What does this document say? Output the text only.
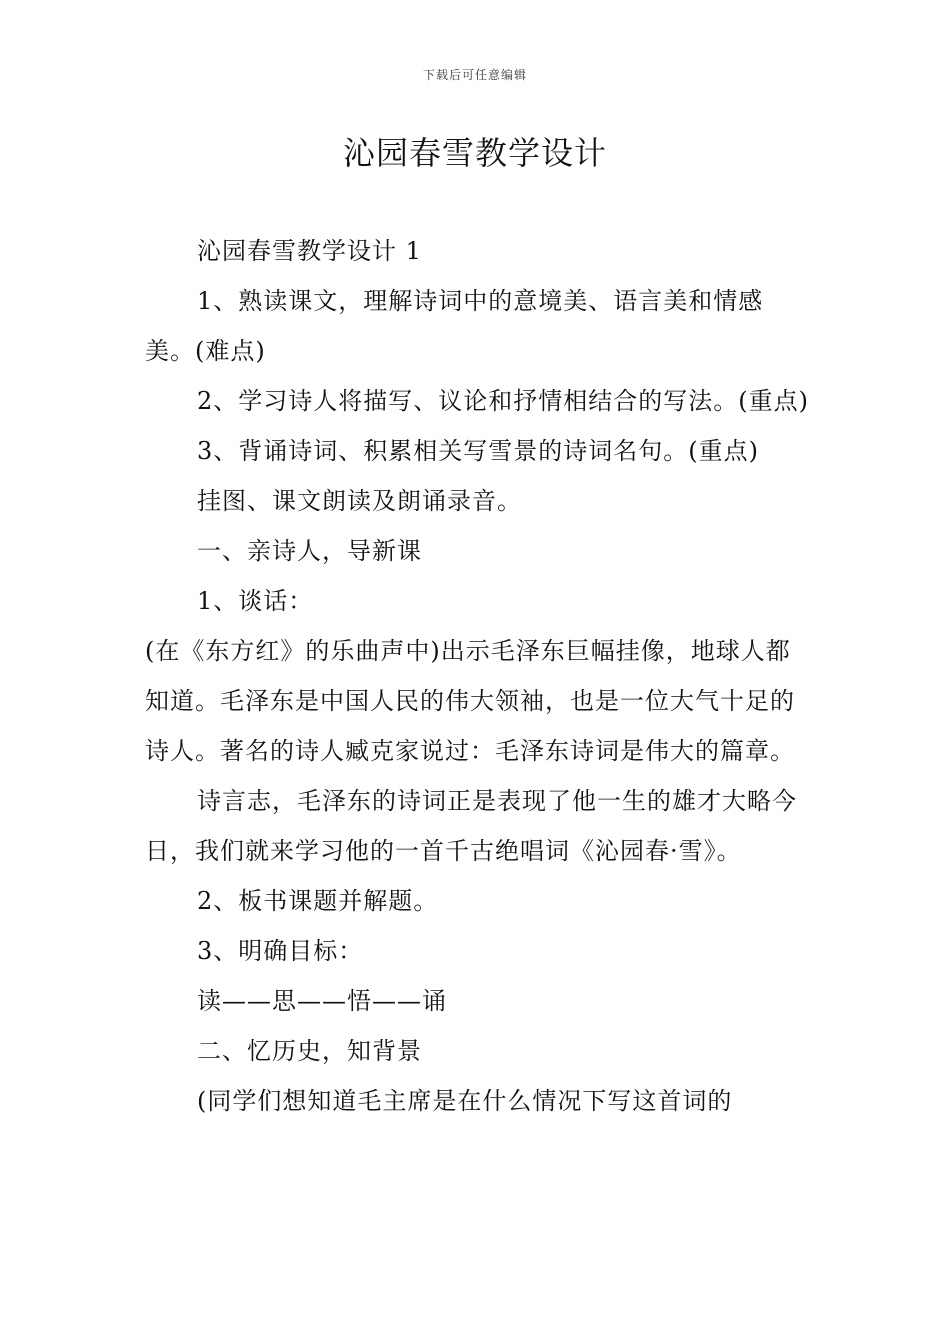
下载后可任意编辑
沁园春雪教学设计

沁园春雪教学设计 1

1、熟读课文，理解诗词中的意境美、语言美和情感美。(难点)

2、学习诗人将描写、议论和抒情相结合的写法。(重点)

3、背诵诗词、积累相关写雪景的诗词名句。(重点)

挂图、课文朗读及朗诵录音。

一、亲诗人，导新课

1、谈话：

(在《东方红》的乐曲声中)出示毛泽东巨幅挂像，地球人都知道。毛泽东是中国人民的伟大领袖，也是一位大气十足的诗人。著名的诗人臧克家说过：毛泽东诗词是伟大的篇章。

诗言志，毛泽东的诗词正是表现了他一生的雄才大略今日，我们就来学习他的一首千古绝唱词《沁园春·雪》。

2、板书课题并解题。

3、明确目标：

读——思——悟——诵

二、忆历史，知背景

(同学们想知道毛主席是在什么情况下写这首词的
